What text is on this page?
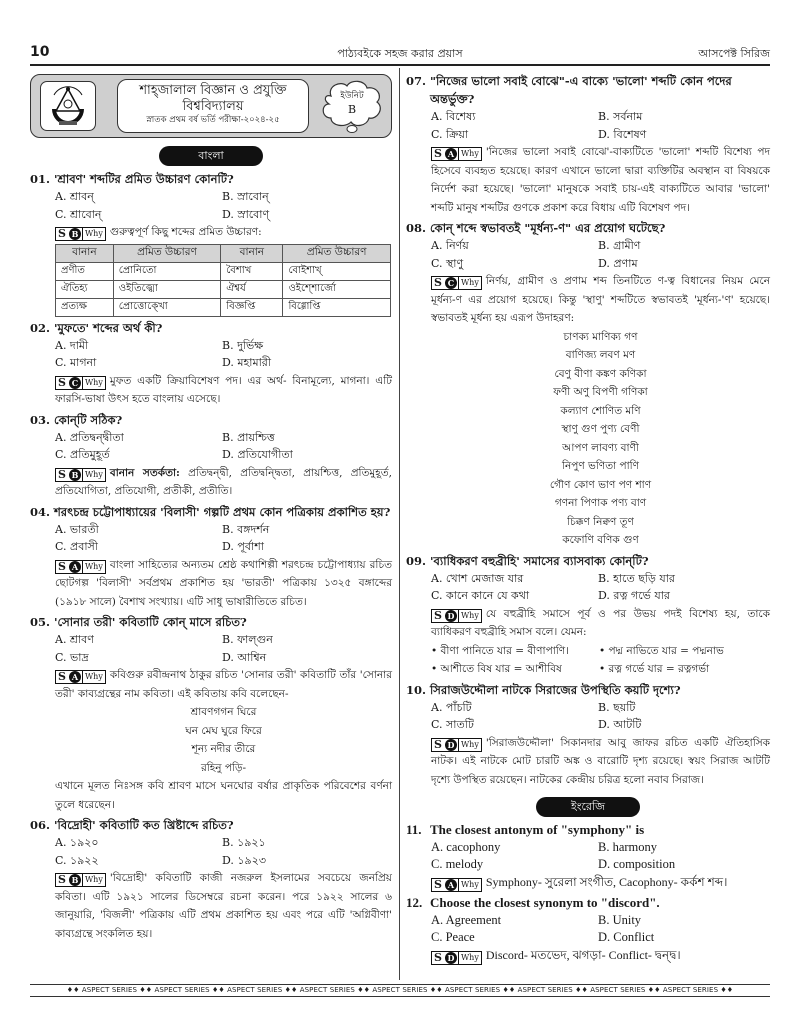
10	পাঠ্যবইকে সহজ করার প্রয়াস	আসপেক্ট সিরিজ
শাহ্জালাল বিজ্ঞান ও প্রযুক্তি
বিশ্ববিদ্যালয়
স্নাতক প্রথম বর্ষ ভর্তি পরীক্ষা-২০২৪-২৫
ইউনিট
B
বাংলা
01. 'শ্রাবণ' শব্দটির প্রমিত উচ্চারণ কোনটি?
A. শ্রাবন্	B. স্রাবোন্
C. শ্রাবোন্	D. স্রাবোণ্
S B Why গুরুত্বপূর্ণ কিছু শব্দের প্রমিত উচ্চারণ:
বানান	প্রমিত উচ্চারণ	বানান	প্রমিত উচ্চারণ
প্রণীত	প্রোনিতো	বৈশাখ	বোইশাখ্
ঐতিহ্য	ওইতিজ্ঝো	ঐশ্বর্য	ওইশ্শোর্জো
প্রত্যক্ষ	প্রোত্তোক্খো	বিজ্ঞপ্তি	বিগ্গোপ্তি
02. 'মুফতে' শব্দের অর্থ কী?
A. দামী	B. দুর্ভিক্ষ
C. মাগনা	D. মহামারী
S C Why মুফত একটি ক্রিয়াবিশেষণ পদ। এর অর্থ- বিনামূল্যে, মাগনা। এটি ফারসি-ভাষা উৎস হতে বাংলায় এসেছে।
03. কোন্‌টি সঠিক?
A. প্রতিদ্বন্দ্বীতা	B. প্রায়শ্চিত্ত
C. প্রতিমুহূর্ত	D. প্রতিযোগীতা
S B Why বানান সতর্কতা: প্রতিদ্বন্দ্বী, প্রতিদ্বন্দ্বিতা, প্রায়শ্চিত্ত, প্রতিমুহূর্ত, প্রতিযোগিতা, প্রতিযোগী, প্রতীকী, প্রতীতি।
04. শরৎচন্দ্র চট্টোপাধ্যায়ের 'বিলাসী' গল্পটি প্রথম কোন পত্রিকায় প্রকাশিত হয়?
A. ভারতী	B. বঙ্গদর্শন
C. প্রবাসী	D. পূর্বাশা
S A Why বাংলা সাহিত্যের অন্যতম শ্রেষ্ঠ কথাশিল্পী শরৎচন্দ্র চট্টোপাধ্যায় রচিত ছোটগল্প 'বিলাসী' সর্বপ্রথম প্রকাশিত হয় 'ভারতী' পত্রিকায় ১৩২৫ বঙ্গাব্দের (১৯১৮ সালে) বৈশাখ সংখ্যায়। এটি সাধু ভাষারীতিতে রচিত।
05. 'সোনার তরী' কবিতাটি কোন্ মাসে রচিত?
A. শ্রাবণ	B. ফাল্গুন
C. ভাদ্র	D. আশ্বিন
S A Why কবিগুরু রবীন্দ্রনাথ ঠাকুর রচিত 'সোনার তরী' কবিতাটি তাঁর 'সোনার তরী' কাব্যগ্রন্থের নাম কবিতা। এই কবিতায় কবি বলেছেন-
শ্রাবণগগন ঘিরে
ঘন মেঘ ঘুরে ফিরে
শূন্য নদীর তীরে
রহিনু পড়ি-
এখানে মূলত নিঃসঙ্গ কবি শ্রাবণ মাসে ঘনঘোর বর্ষার প্রাকৃতিক পরিবেশের বর্ণনা তুলে ধরেছেন।
06. 'বিদ্রোহী' কবিতাটি কত খ্রিষ্টাব্দে রচিত?
A. ১৯২০	B. ১৯২১
C. ১৯২২	D. ১৯২৩
S B Why 'বিদ্রোহী' কবিতাটি কাজী নজরুল ইসলামের সবচেয়ে জনপ্রিয় কবিতা। এটি ১৯২১ সালের ডিসেম্বরে রচনা করেন। পরে ১৯২২ সালের ৬ জানুয়ারি, 'বিজলী' পত্রিকায় এটি প্রথম প্রকাশিত হয় এবং পরে এটি 'অগ্নিবীণা' কাব্যগ্রন্থে সংকলিত হয়।
07. "নিজের ভালো সবাই বোঝে"-এ বাক্যে 'ভালো' শব্দটি কোন পদের অন্তর্ভুক্ত?
A. বিশেষ্য	B. সর্বনাম
C. ক্রিয়া	D. বিশেষণ
S A Why 'নিজের ভালো সবাই বোঝে'-বাক্যটিতে 'ভালো' শব্দটি বিশেষ্য পদ হিসেবে ব্যবহৃত হয়েছে। কারণ এখানে ভালো দ্বারা ব্যক্তিটির অবস্থান বা বিষয়কে নির্দেশ করা হয়েছে। 'ভালো' মানুষকে সবাই চায়-এই বাক্যটিতে আবার 'ভালো' শব্দটি মানুষ শব্দটির গুণকে প্রকাশ করে বিধায় এটি বিশেষণ পদ।
08. কোন্ শব্দে স্বভাবতই "মূর্ধন্য-ণ" এর প্রয়োগ ঘটেছে?
A. নির্ণয়	B. গ্রামীণ
C. স্থাণু	D. প্রণাম
S C Why নির্ণয়, গ্রামীণ ও প্রণাম শব্দ তিনটিতে ণ-ত্ব বিধানের নিয়ম মেনে মূর্ধন্য-ণ এর প্রয়োগ হয়েছে। কিন্তু 'স্থাণু' শব্দটিতে স্বভাবতই 'মূর্ধন্য-'ণ' হয়েছে। স্বভাবতই মূর্ধন্য হয় এরূপ উদাহরণ:
চাণক্য মাণিক্য গণ
বাণিজ্য লবণ মণ
বেণু বীণা কঙ্কণ কণিকা
ফণী অণু বিপণী গণিকা
কল্যাণ শোণিত মণি
স্থাণু গুণ পুণ্য বেণী
আপণ লাবণ্য বাণী
নিপুণ ভণিতা পাণি
গৌণ কোণ ভাণ পণ শাণ
গণনা পিণাক পণ্য বাণ
চিক্কণ নিক্বণ তূণ
কফোণি বণিক গুণ
09. 'ব্যাধিকরণ বহুব্রীহি' সমাসের ব্যাসবাক্য কোন্‌টি?
A. খোশ মেজাজ যার	B. হাতে ছড়ি যার
C. কানে কানে যে কথা	D. রত্ন গর্ভে যার
S D Why যে বহুব্রীহি সমাসে পূর্ব ও পর উভয় পদই বিশেষ্য হয়, তাকে ব্যাধিকরণ বহুব্রীহি সমাস বলে। যেমন:
• বীণা পানিতে যার = বীণাপাণি।	• পদ্ম নাভিতে যার = পদ্মনাভ
• আশীতে বিষ যার = আশীবিষ	• রত্ন গর্ভে যার = রত্নগর্ভা
10. সিরাজউদ্দৌলা নাটকে সিরাজের উপস্থিতি কয়টি দৃশ্যে?
A. পাঁচটি	B. ছয়টি
C. সাতটি	D. আটটি
S D Why 'সিরাজউদ্দৌলা' সিকানদার আবু জাফর রচিত একটি ঐতিহাসিক নাটক। এই নাটকে মোট চারটি অঙ্ক ও বারোটি দৃশ্য রয়েছে। স্বয়ং সিরাজ আটটি দৃশ্যে উপস্থিত রয়েছেন। নাটকের কেন্দ্রীয় চরিত্র হলো নবাব সিরাজ।
ইংরেজি
11. The closest antonym of "symphony" is
A. cacophony	B. harmony
C. melody	D. composition
S A Why Symphony- সুরেলা সংগীত, Cacophony- কর্কশ শব্দ।
12. Choose the closest synonym to "discord".
A. Agreement	B. Unity
C. Peace	D. Conflict
S D Why Discord- মতভেদ, ঝগড়া- Conflict- দ্বন্দ্ব।
♦♦ ASPECT SERIES ♦♦ ASPECT SERIES ♦♦ ASPECT SERIES ♦♦ ASPECT SERIES ♦♦ ASPECT SERIES ♦♦ ASPECT SERIES ♦♦ ASPECT SERIES ♦♦ ASPECT SERIES ♦♦ ASPECT SERIES ♦♦
